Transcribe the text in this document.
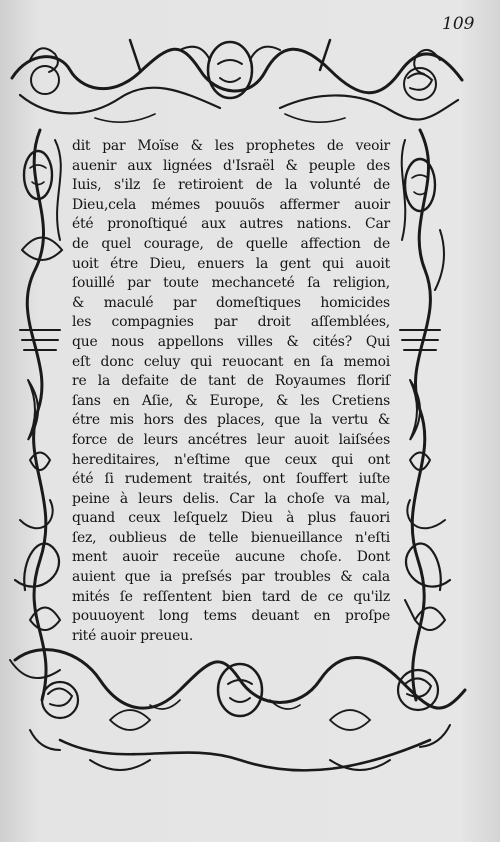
109
dit par Moïse & les prophetes de veoir
auenir aux lignées d'Israël & peuple des
Iuis, s'ilz ſe retiroient de la volunté de
Dieu,cela mémes pouuõs affermer auoir
été pronoſtiqué aux autres nations. Car
de quel courage, de quelle affection de
uoit étre Dieu, enuers la gent qui auoit
ſouillé par toute mechanceté ſa religion,
& maculé par domeſtiques homicides
les compagnies par droit aſſemblées,
que nous appellons villes & cités? Qui
eſt donc celuy qui reuocant en ſa memoi
re la defaite de tant de Royaumes floriſ
ſans en Aſie, & Europe, & les Cretiens
étre mis hors des places, que la vertu &
force de leurs ancétres leur auoit laiſsées
hereditaires, n'eſtime que ceux qui ont
été ſi rudement traités, ont ſouffert iuſte
peine à leurs delis. Car la choſe va mal,
quand ceux leſquelz Dieu à plus fauori
ſez, oublieus de telle bienueillance n'eſti
ment auoir receüe aucune choſe. Dont
auient que ia preſsés par troubles & cala
mités ſe reſſentent bien tard de ce qu'ilz
pouuoyent long tems deuant en proſpe
rité auoir preueu.
